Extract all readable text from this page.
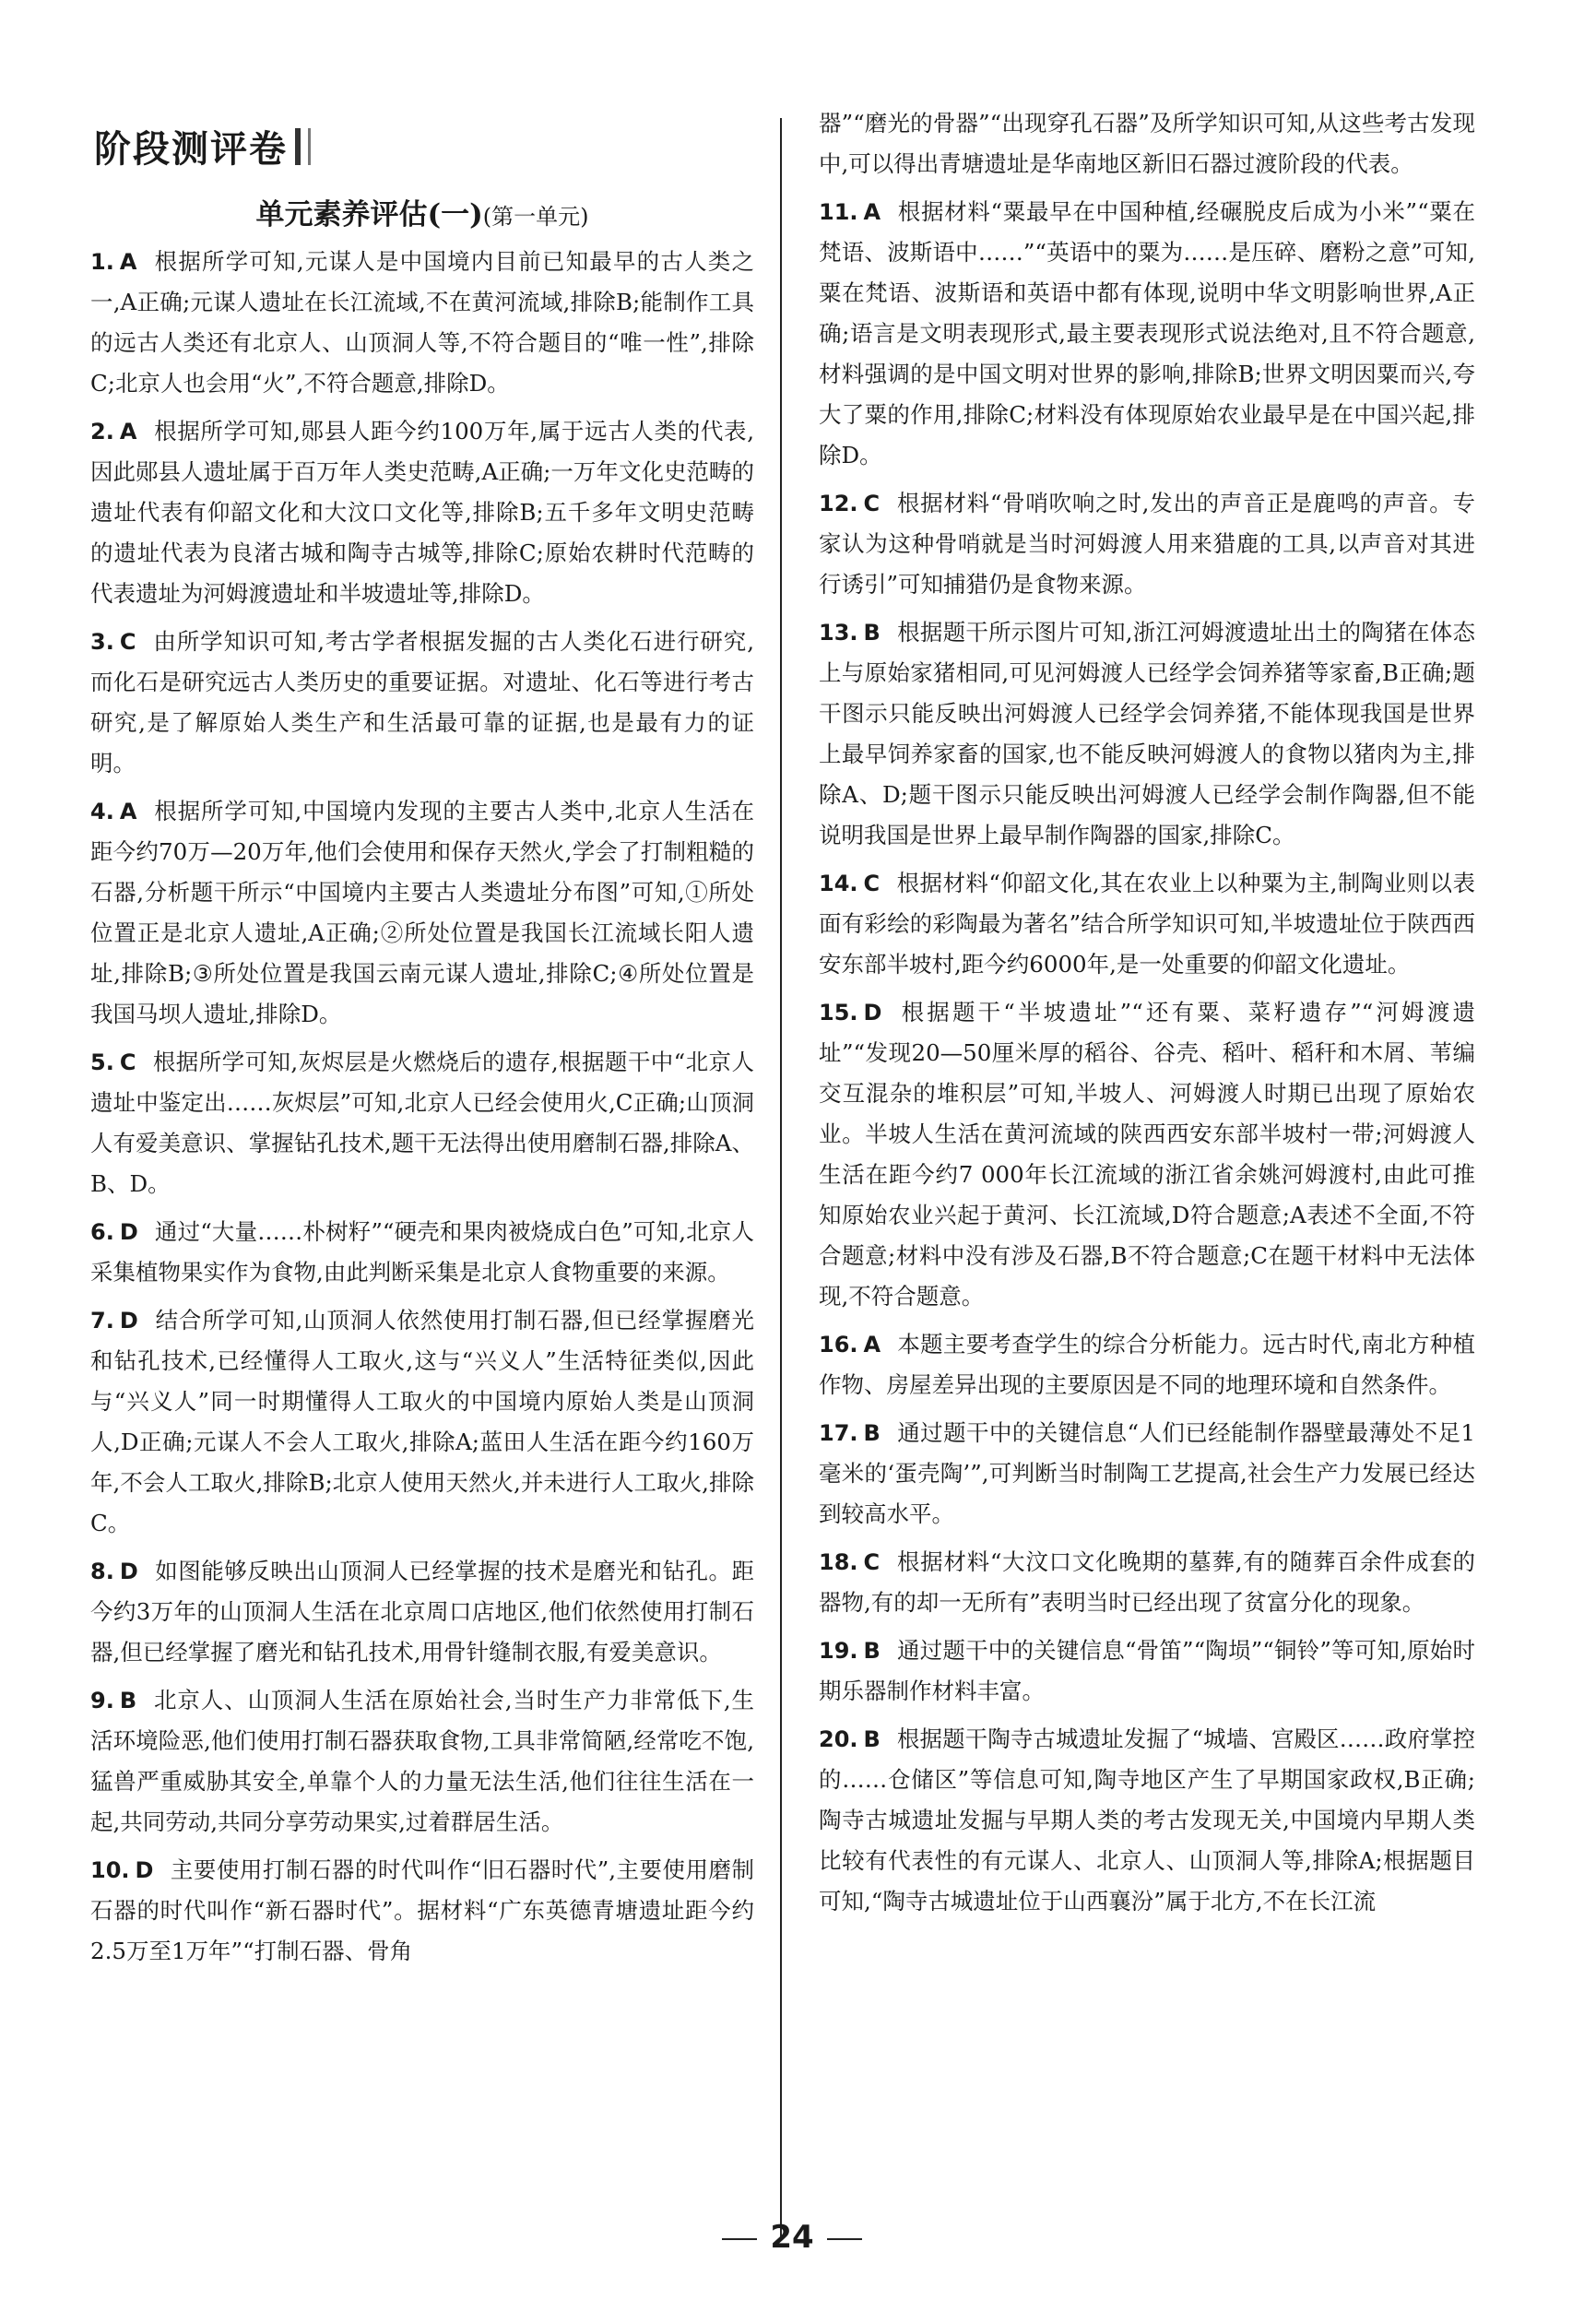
阶段测评卷
单元素养评估(一)(第一单元)
1. A 根据所学可知,元谋人是中国境内目前已知最早的古人类之一,A正确;元谋人遗址在长江流域,不在黄河流域,排除B;能制作工具的远古人类还有北京人、山顶洞人等,不符合题目的“唯一性”,排除C;北京人也会用“火”,不符合题意,排除D。
2. A 根据所学可知,郧县人距今约100万年,属于远古人类的代表,因此郧县人遗址属于百万年人类史范畴,A正确;一万年文化史范畴的遗址代表有仰韶文化和大汶口文化等,排除B;五千多年文明史范畴的遗址代表为良渚古城和陶寺古城等,排除C;原始农耕时代范畴的代表遗址为河姆渡遗址和半坡遗址等,排除D。
3. C 由所学知识可知,考古学者根据发掘的古人类化石进行研究,而化石是研究远古人类历史的重要证据。对遗址、化石等进行考古研究,是了解原始人类生产和生活最可靠的证据,也是最有力的证明。
4. A 根据所学可知,中国境内发现的主要古人类中,北京人生活在距今约70万—20万年,他们会使用和保存天然火,学会了打制粗糙的石器,分析题干所示“中国境内主要古人类遗址分布图”可知,①所处位置正是北京人遗址,A正确;②所处位置是我国长江流域长阳人遗址,排除B;③所处位置是我国云南元谋人遗址,排除C;④所处位置是我国马坝人遗址,排除D。
5. C 根据所学可知,灰烬层是火燃烧后的遗存,根据题干中“北京人遗址中鉴定出……灰烬层”可知,北京人已经会使用火,C正确;山顶洞人有爱美意识、掌握钻孔技术,题干无法得出使用磨制石器,排除A、B、D。
6. D 通过“大量……朴树籽”“硬壳和果肉被烧成白色”可知,北京人采集植物果实作为食物,由此判断采集是北京人食物重要的来源。
7. D 结合所学可知,山顶洞人依然使用打制石器,但已经掌握磨光和钻孔技术,已经懂得人工取火,这与“兴义人”生活特征类似,因此与“兴义人”同一时期懂得人工取火的中国境内原始人类是山顶洞人,D正确;元谋人不会人工取火,排除A;蓝田人生活在距今约160万年,不会人工取火,排除B;北京人使用天然火,并未进行人工取火,排除C。
8. D 如图能够反映出山顶洞人已经掌握的技术是磨光和钻孔。距今约3万年的山顶洞人生活在北京周口店地区,他们依然使用打制石器,但已经掌握了磨光和钻孔技术,用骨针缝制衣服,有爱美意识。
9. B 北京人、山顶洞人生活在原始社会,当时生产力非常低下,生活环境险恶,他们使用打制石器获取食物,工具非常简陋,经常吃不饱,猛兽严重威胁其安全,单靠个人的力量无法生活,他们往往生活在一起,共同劳动,共同分享劳动果实,过着群居生活。
10. D 主要使用打制石器的时代叫作“旧石器时代”,主要使用磨制石器的时代叫作“新石器时代”。据材料“广东英德青塘遗址距今约2.5万至1万年”“打制石器、骨角
器”“磨光的骨器”“出现穿孔石器”及所学知识可知,从这些考古发现中,可以得出青塘遗址是华南地区新旧石器过渡阶段的代表。
11. A 根据材料“粟最早在中国种植,经碾脱皮后成为小米”“粟在梵语、波斯语中……”“英语中的粟为……是压碎、磨粉之意”可知,粟在梵语、波斯语和英语中都有体现,说明中华文明影响世界,A正确;语言是文明表现形式,最主要表现形式说法绝对,且不符合题意,材料强调的是中国文明对世界的影响,排除B;世界文明因粟而兴,夸大了粟的作用,排除C;材料没有体现原始农业最早是在中国兴起,排除D。
12. C 根据材料“骨哨吹响之时,发出的声音正是鹿鸣的声音。专家认为这种骨哨就是当时河姆渡人用来猎鹿的工具,以声音对其进行诱引”可知捕猎仍是食物来源。
13. B 根据题干所示图片可知,浙江河姆渡遗址出土的陶猪在体态上与原始家猪相同,可见河姆渡人已经学会饲养猪等家畜,B正确;题干图示只能反映出河姆渡人已经学会饲养猪,不能体现我国是世界上最早饲养家畜的国家,也不能反映河姆渡人的食物以猪肉为主,排除A、D;题干图示只能反映出河姆渡人已经学会制作陶器,但不能说明我国是世界上最早制作陶器的国家,排除C。
14. C 根据材料“仰韶文化,其在农业上以种粟为主,制陶业则以表面有彩绘的彩陶最为著名”结合所学知识可知,半坡遗址位于陕西西安东部半坡村,距今约6000年,是一处重要的仰韶文化遗址。
15. D 根据题干“半坡遗址”“还有粟、菜籽遗存”“河姆渡遗址”“发现20—50厘米厚的稻谷、谷壳、稻叶、稻秆和木屑、苇编交互混杂的堆积层”可知,半坡人、河姆渡人时期已出现了原始农业。半坡人生活在黄河流域的陕西西安东部半坡村一带;河姆渡人生活在距今约7 000年长江流域的浙江省余姚河姆渡村,由此可推知原始农业兴起于黄河、长江流域,D符合题意;A表述不全面,不符合题意;材料中没有涉及石器,B不符合题意;C在题干材料中无法体现,不符合题意。
16. A 本题主要考查学生的综合分析能力。远古时代,南北方种植作物、房屋差异出现的主要原因是不同的地理环境和自然条件。
17. B 通过题干中的关键信息“人们已经能制作器壁最薄处不足1毫米的‘蛋壳陶’”,可判断当时制陶工艺提高,社会生产力发展已经达到较高水平。
18. C 根据材料“大汶口文化晚期的墓葬,有的随葬百余件成套的器物,有的却一无所有”表明当时已经出现了贫富分化的现象。
19. B 通过题干中的关键信息“骨笛”“陶埙”“铜铃”等可知,原始时期乐器制作材料丰富。
20. B 根据题干陶寺古城遗址发掘了“城墙、宫殿区……政府掌控的……仓储区”等信息可知,陶寺地区产生了早期国家政权,B正确;陶寺古城遗址发掘与早期人类的考古发现无关,中国境内早期人类比较有代表性的有元谋人、北京人、山顶洞人等,排除A;根据题目可知,“陶寺古城遗址位于山西襄汾”属于北方,不在长江流
24
